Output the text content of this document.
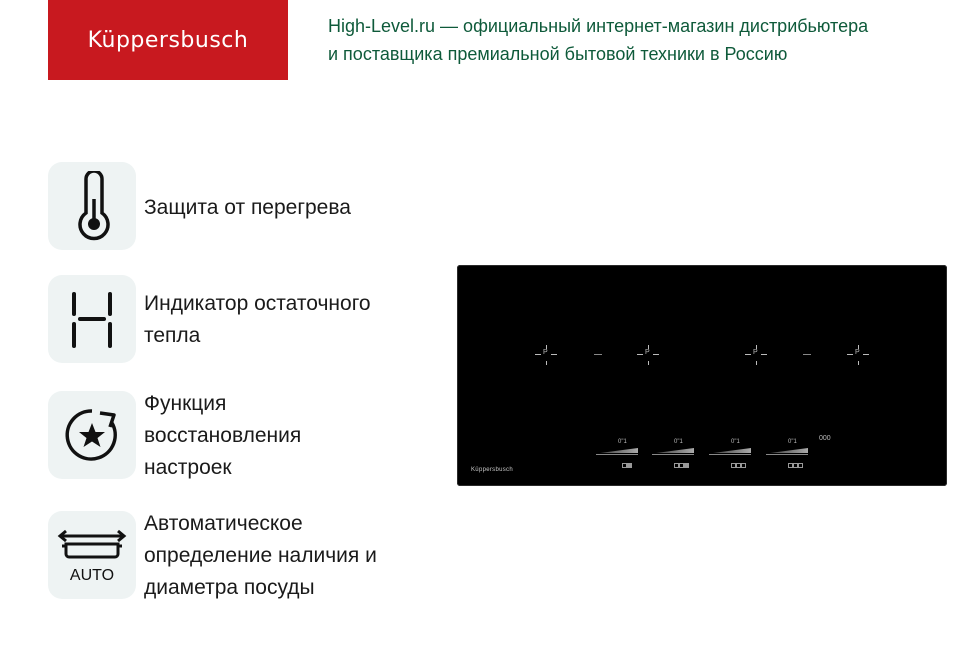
Küppersbusch
High-Level.ru — официальный интернет-магазин дистрибьютера
и поставщика премиальной бытовой техники в Россию
Защита от перегрева
Индикатор остаточного
тепла
Функция
восстановления
настроек
AUTO
Автоматическое
определение наличия и
диаметра посуды
P	P	P	P
0"1	0"1	0"1	0"1	000
Küppersbusch
